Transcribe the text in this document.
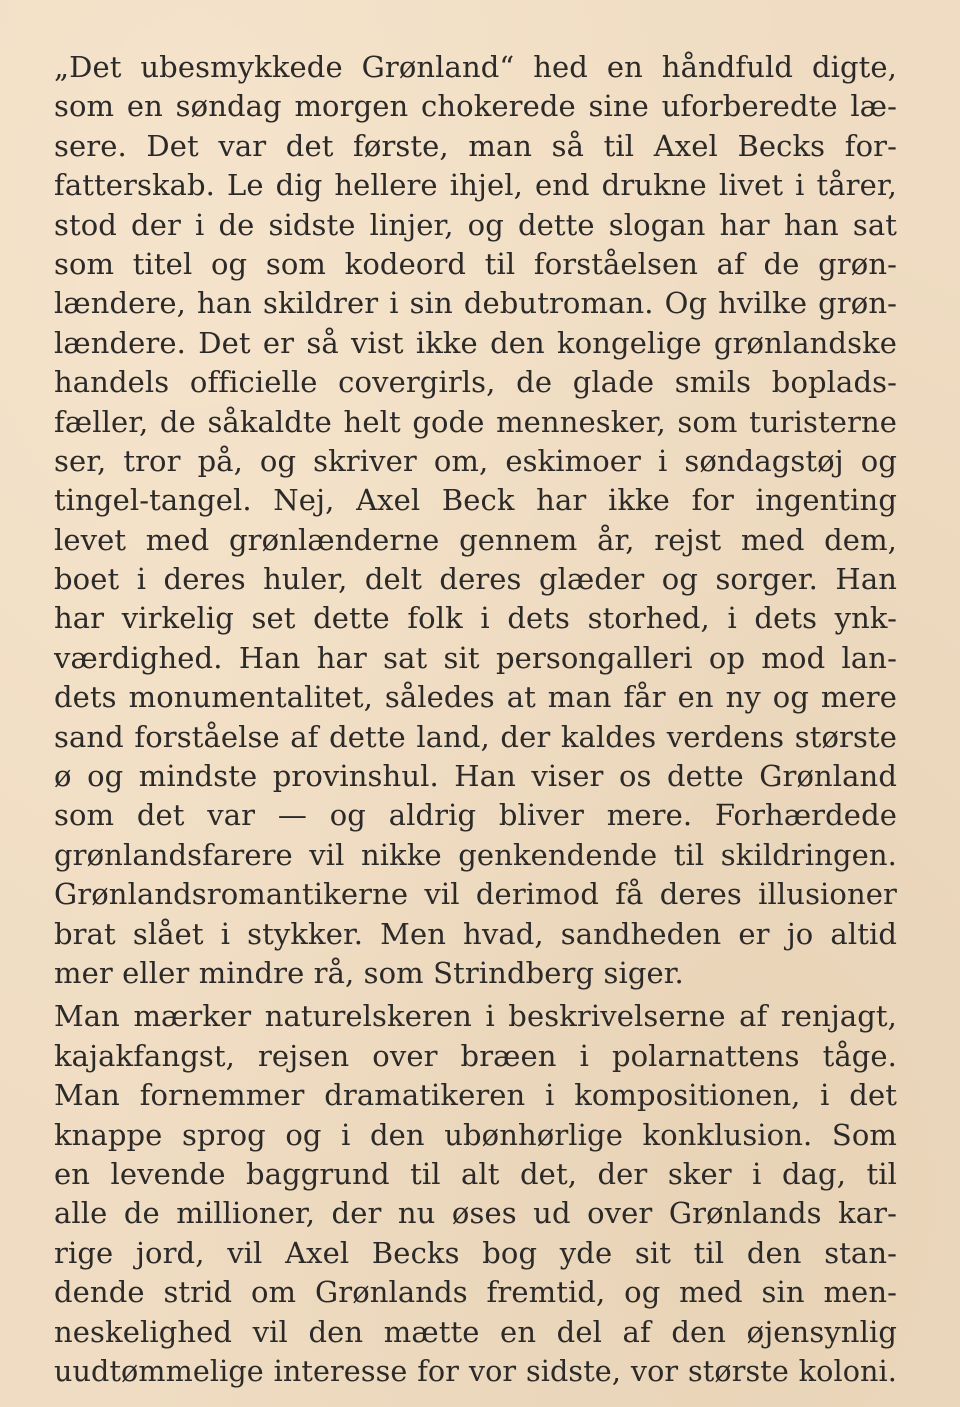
„Det ubesmykkede Grønland“ hed en håndfuld digte,
som en søndag morgen chokerede sine uforberedte læ-
sere. Det var det første, man så til Axel Becks for-
fatterskab. Le dig hellere ihjel, end drukne livet i tårer,
stod der i de sidste linjer, og dette slogan har han sat
som titel og som kodeord til forståelsen af de grøn-
lændere, han skildrer i sin debutroman. Og hvilke grøn-
lændere. Det er så vist ikke den kongelige grønlandske
handels officielle covergirls, de glade smils boplads-
fæller, de såkaldte helt gode mennesker, som turisterne
ser, tror på, og skriver om, eskimoer i søndagstøj og
tingel-tangel. Nej, Axel Beck har ikke for ingenting
levet med grønlænderne gennem år, rejst med dem,
boet i deres huler, delt deres glæder og sorger. Han
har virkelig set dette folk i dets storhed, i dets ynk-
værdighed. Han har sat sit persongalleri op mod lan-
dets monumentalitet, således at man får en ny og mere
sand forståelse af dette land, der kaldes verdens største
ø og mindste provinshul. Han viser os dette Grønland
som det var — og aldrig bliver mere. Forhærdede
grønlandsfarere vil nikke genkendende til skildringen.
Grønlandsromantikerne vil derimod få deres illusioner
brat slået i stykker. Men hvad, sandheden er jo altid
mer eller mindre rå, som Strindberg siger.
Man mærker naturelskeren i beskrivelserne af renjagt,
kajakfangst, rejsen over bræen i polarnattens tåge.
Man fornemmer dramatikeren i kompositionen, i det
knappe sprog og i den ubønhørlige konklusion. Som
en levende baggrund til alt det, der sker i dag, til
alle de millioner, der nu øses ud over Grønlands kar-
rige jord, vil Axel Becks bog yde sit til den stan-
dende strid om Grønlands fremtid, og med sin men-
neskelighed vil den mætte en del af den øjensynlig
uudtømmelige interesse for vor sidste, vor største koloni.
